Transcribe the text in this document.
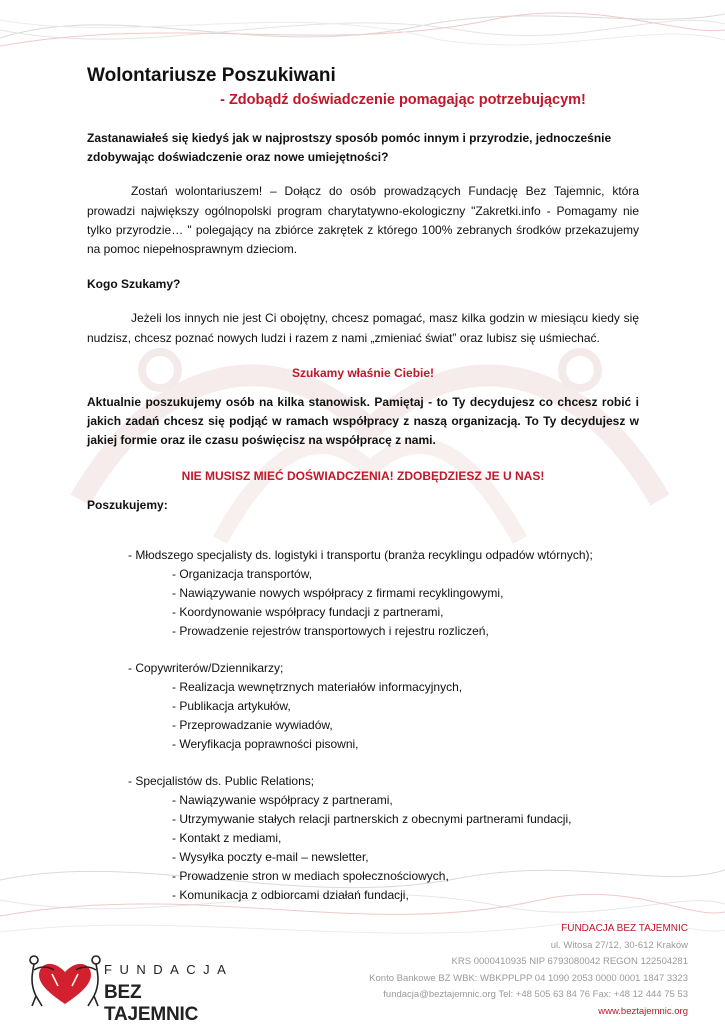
Wolontariusze Poszukiwani
- Zdobądź doświadczenie pomagając potrzebującym!

Zastanawiałeś się kiedyś jak w najprostszy sposób pomóc innym i przyrodzie, jednocześnie zdobywając doświadczenie oraz nowe umiejętności?

Zostań wolontariuszem! – Dołącz do osób prowadzących Fundację Bez Tajemnic, która prowadzi największy ogólnopolski program charytatywno-ekologiczny "Zakretki.info - Pomagamy nie tylko przyrodzie… " polegający na zbiórce zakrętek z którego 100% zebranych środków przekazujemy na pomoc niepełnosprawnym dzieciom.

Kogo Szukamy?

Jeżeli los innych nie jest Ci obojętny, chcesz pomagać, masz kilka godzin w miesiącu kiedy się nudzisz, chcesz poznać nowych ludzi i razem z nami „zmieniać świat” oraz lubisz się uśmiechać.

Szukamy właśnie Ciebie!

Aktualnie poszukujemy osób na kilka stanowisk. Pamiętaj - to Ty decydujesz co chcesz robić i jakich zadań chcesz się podjąć w ramach współpracy z naszą organizacją. To Ty decydujesz w jakiej formie oraz ile czasu poświęcisz na współpracę z nami.

NIE MUSISZ MIEĆ DOŚWIADCZENIA! ZDOBĘDZIESZ JE U NAS!

Poszukujemy:

- Młodszego specjalisty ds. logistyki i transportu (branża recyklingu odpadów wtórnych);
- Organizacja transportów,
- Nawiązywanie nowych współpracy z firmami recyklingowymi,
- Koordynowanie współpracy fundacji z partnerami,
- Prowadzenie rejestrów transportowych i rejestru rozliczeń,
- Copywriterów/Dziennikarzy;
- Realizacja wewnętrznych materiałów informacyjnych,
- Publikacja artykułów,
- Przeprowadzanie wywiadów,
- Weryfikacja poprawności pisowni,
- Specjalistów ds. Public Relations;
- Nawiązywanie współpracy z partnerami,
- Utrzymywanie stałych relacji partnerskich z obecnymi partnerami fundacji,
- Kontakt z mediami,
- Wysyłka poczty e-mail – newsletter,
- Prowadzenie stron w mediach społecznościowych,
- Komunikacja z odbiorcami działań fundacji,
FUNDACJA
BEZ TAJEMNIC
FUNDACJA BEZ TAJEMNIC
ul. Witosa 27/12, 30-612 Kraków
KRS 0000410935 NIP 6793080042 REGON 122504281
Konto Bankowe BZ WBK: WBKPPLPP 04 1090 2053 0000 0001 1847 3323
fundacja@beztajemnic.org Tel: +48 505 63 84 76 Fax: +48 12 444 75 53
www.beztajemnic.org
